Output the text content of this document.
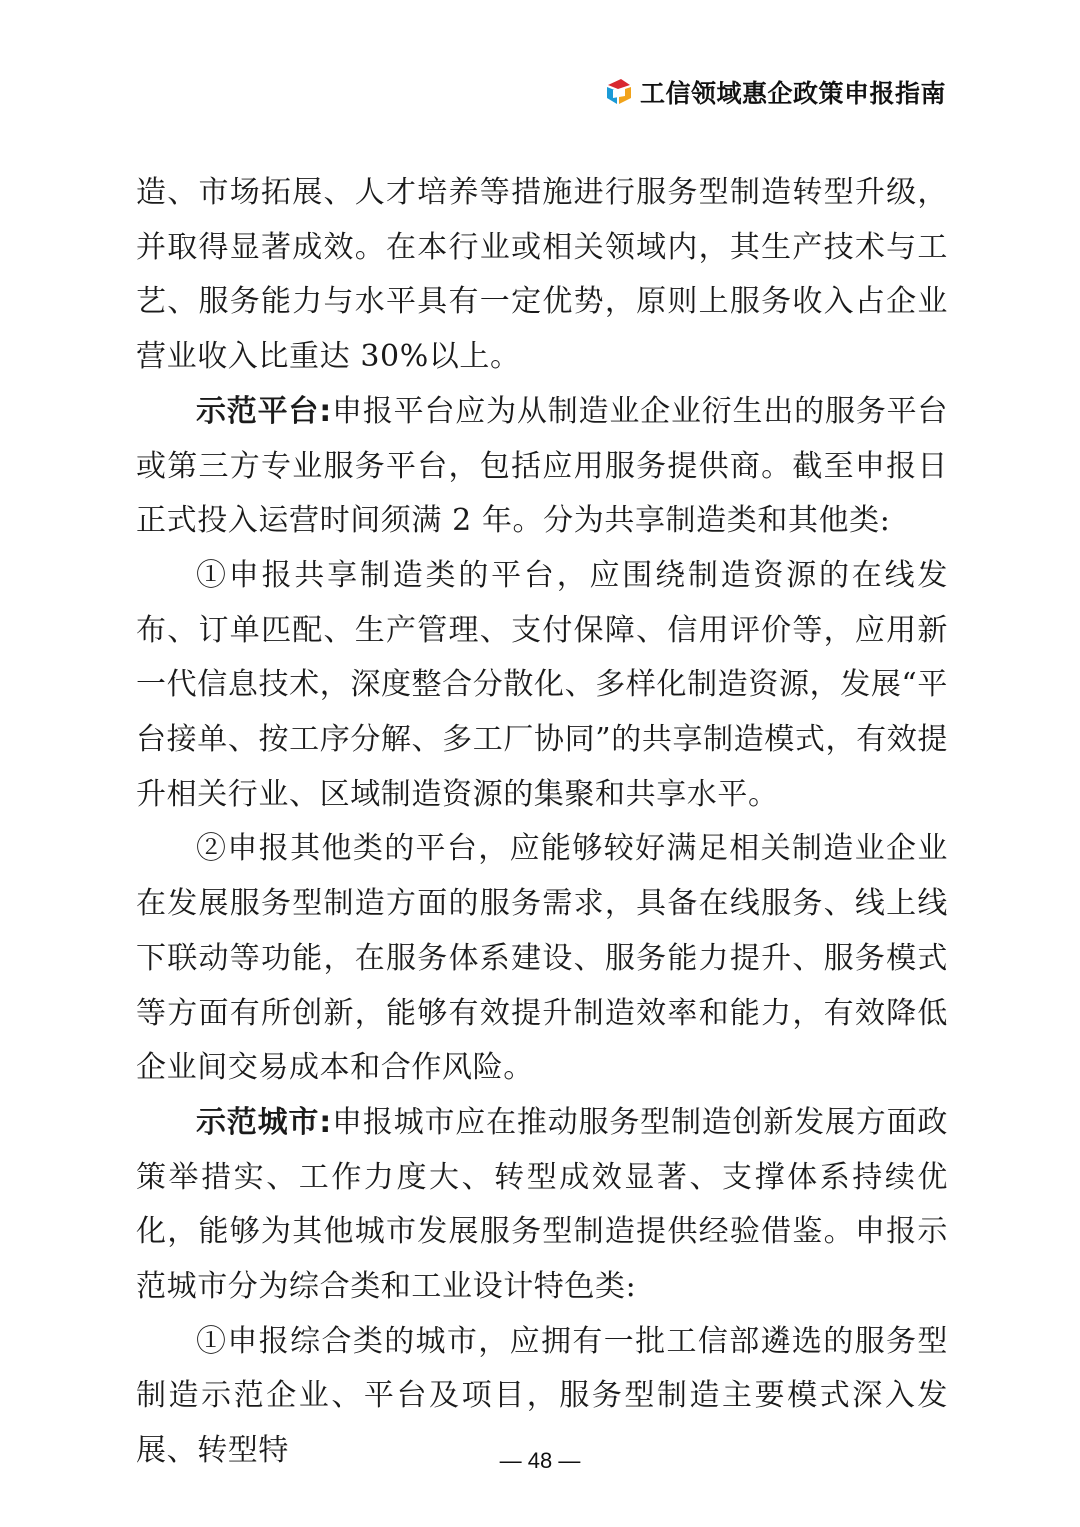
工信领域惠企政策申报指南

造、市场拓展、人才培养等措施进行服务型制造转型升级，并取得显著成效。在本行业或相关领域内，其生产技术与工艺、服务能力与水平具有一定优势，原则上服务收入占企业营业收入比重达 30%以上。

示范平台:申报平台应为从制造业企业衍生出的服务平台或第三方专业服务平台，包括应用服务提供商。截至申报日正式投入运营时间须满 2 年。分为共享制造类和其他类:

①申报共享制造类的平台，应围绕制造资源的在线发布、订单匹配、生产管理、支付保障、信用评价等，应用新一代信息技术，深度整合分散化、多样化制造资源，发展“平台接单、按工序分解、多工厂协同”的共享制造模式，有效提升相关行业、区域制造资源的集聚和共享水平。

②申报其他类的平台，应能够较好满足相关制造业企业在发展服务型制造方面的服务需求，具备在线服务、线上线下联动等功能，在服务体系建设、服务能力提升、服务模式等方面有所创新，能够有效提升制造效率和能力，有效降低企业间交易成本和合作风险。

示范城市:申报城市应在推动服务型制造创新发展方面政策举措实、工作力度大、转型成效显著、支撑体系持续优化，能够为其他城市发展服务型制造提供经验借鉴。申报示范城市分为综合类和工业设计特色类:

①申报综合类的城市，应拥有一批工信部遴选的服务型制造示范企业、平台及项目，服务型制造主要模式深入发展、转型特	— 48 —
